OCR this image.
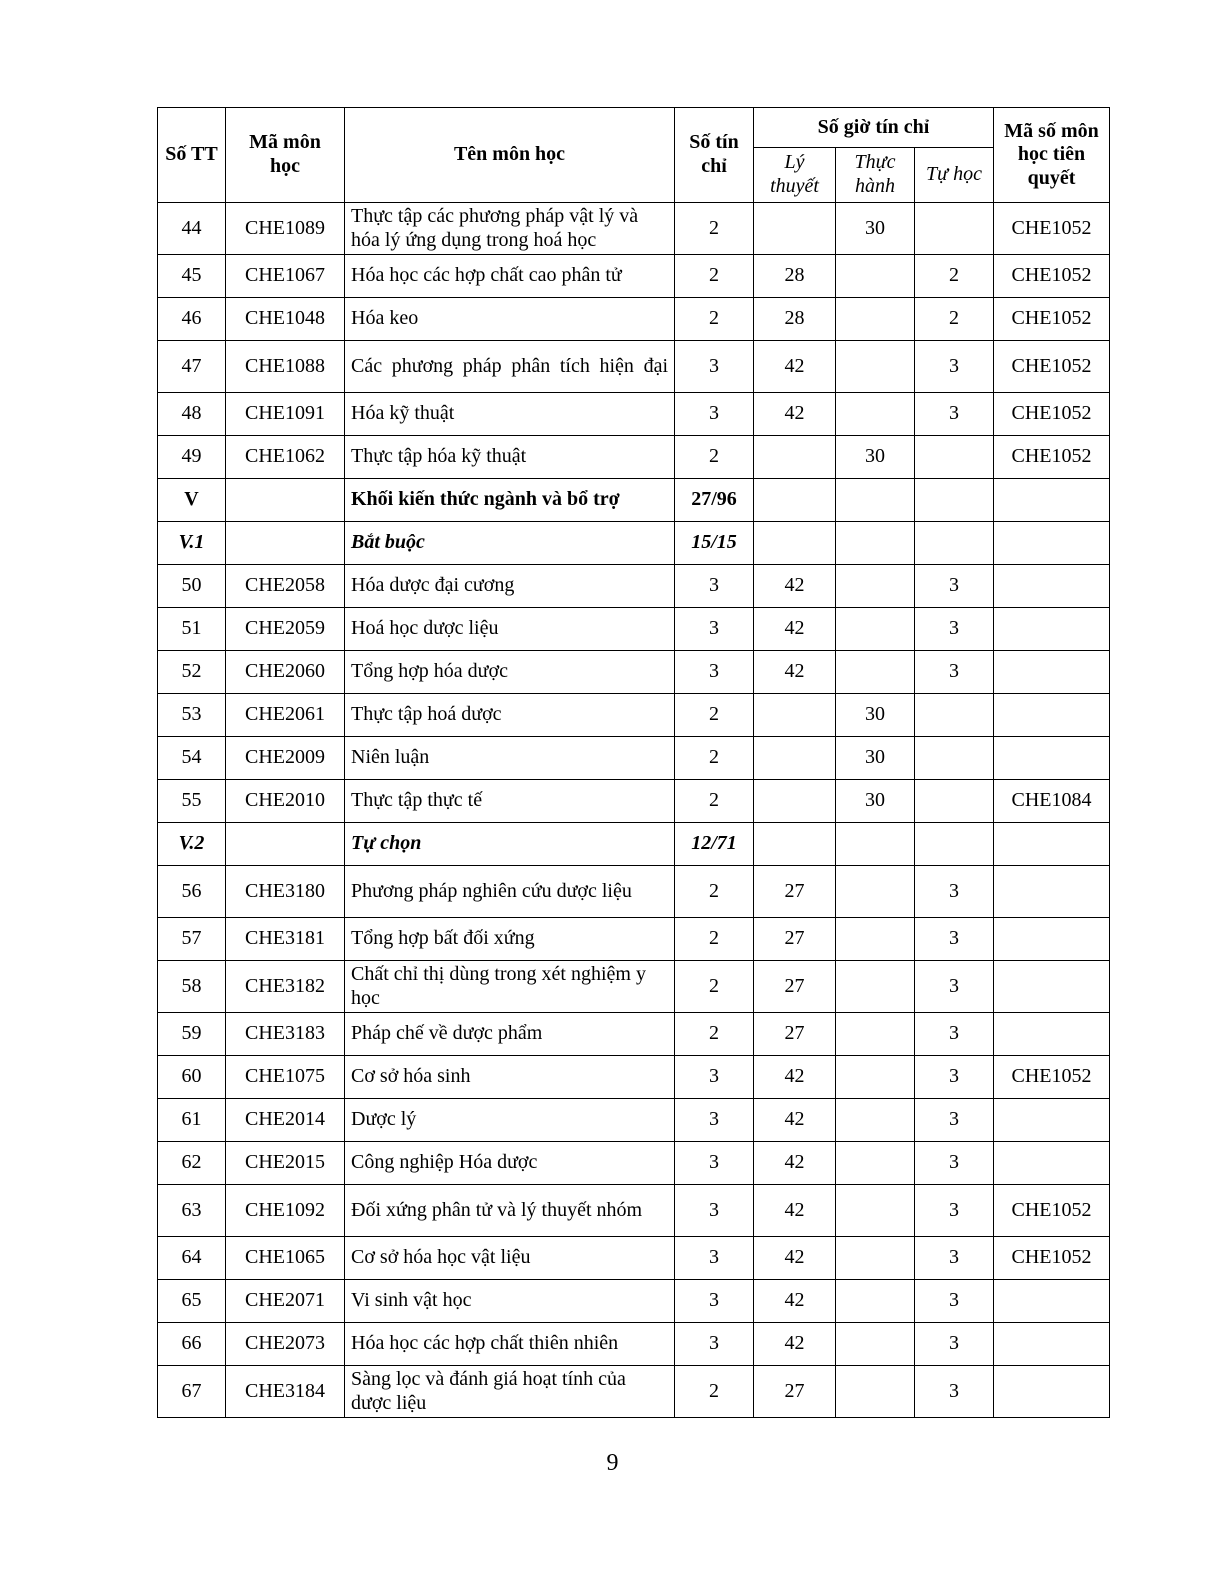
Số TT	Mã môn học	Tên môn học	Số tín chỉ	Số giờ tín chỉ			Mã số môn học tiên quyết
				Lý thuyết	Thực hành	Tự học	
44	CHE1089	Thực tập các phương pháp vật lý và hóa lý ứng dụng trong hoá học	2		30		CHE1052
45	CHE1067	Hóa học các hợp chất cao phân tử	2	28		2	CHE1052
46	CHE1048	Hóa keo	2	28		2	CHE1052
47	CHE1088	Các phương pháp phân tích hiện đại	3	42		3	CHE1052
48	CHE1091	Hóa kỹ thuật	3	42		3	CHE1052
49	CHE1062	Thực tập hóa kỹ thuật	2		30		CHE1052
V		Khối kiến thức ngành và bổ trợ	27/96				
V.1		Bắt buộc	15/15				
50	CHE2058	Hóa dược đại cương	3	42		3	
51	CHE2059	Hoá học dược liệu	3	42		3	
52	CHE2060	Tổng hợp hóa dược	3	42		3	
53	CHE2061	Thực tập hoá dược	2		30		
54	CHE2009	Niên luận	2		30		
55	CHE2010	Thực tập thực tế	2		30		CHE1084
V.2		Tự chọn	12/71				
56	CHE3180	Phương pháp nghiên cứu dược liệu	2	27		3	
57	CHE3181	Tổng hợp bất đối xứng	2	27		3	
58	CHE3182	Chất chỉ thị dùng trong xét nghiệm y học	2	27		3	
59	CHE3183	Pháp chế về dược phẩm	2	27		3	
60	CHE1075	Cơ sở hóa sinh	3	42		3	CHE1052
61	CHE2014	Dược lý	3	42		3	
62	CHE2015	Công nghiệp Hóa dược	3	42		3	
63	CHE1092	Đối xứng phân tử và lý thuyết nhóm	3	42		3	CHE1052
64	CHE1065	Cơ sở hóa học vật liệu	3	42		3	CHE1052
65	CHE2071	Vi sinh vật học	3	42		3	
66	CHE2073	Hóa học các hợp chất thiên nhiên	3	42		3	
67	CHE3184	Sàng lọc và đánh giá hoạt tính của dược liệu	2	27		3	
9
